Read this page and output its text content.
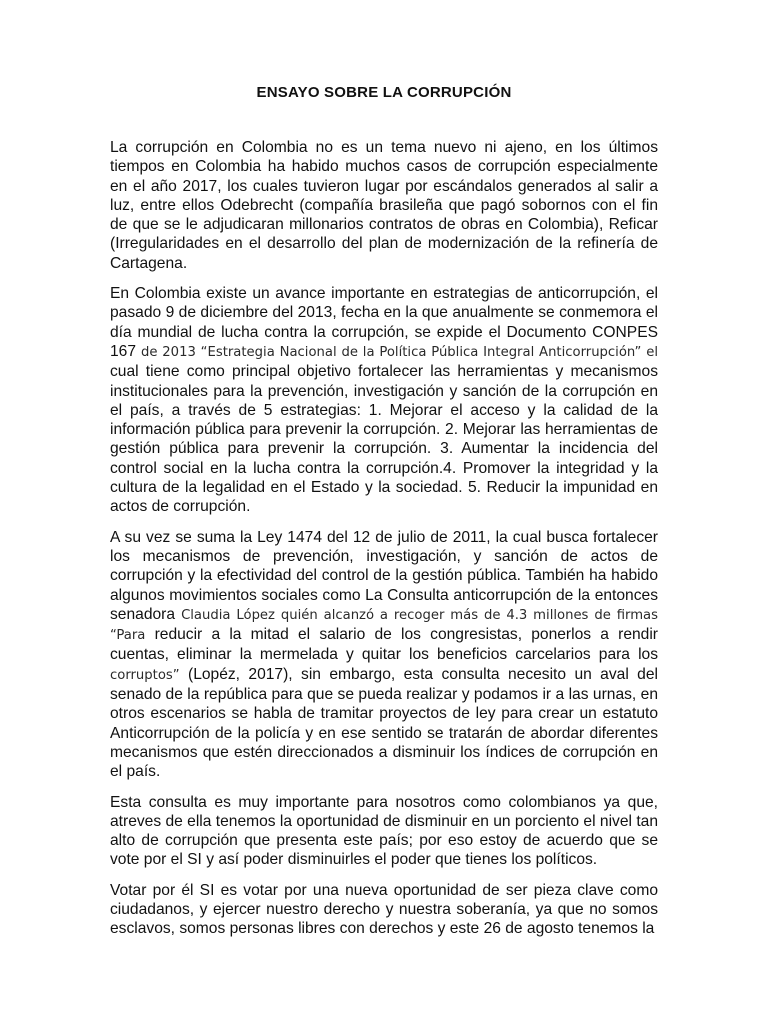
ENSAYO SOBRE LA CORRUPCIÓN

La corrupción en Colombia no es un tema nuevo ni ajeno, en los últimos tiempos en Colombia ha habido muchos casos de corrupción especialmente en el año 2017, los cuales tuvieron lugar por escándalos generados al salir a luz, entre ellos Odebrecht (compañía brasileña que pagó sobornos con el fin de que se le adjudicaran millonarios contratos de obras en Colombia), Reficar (Irregularidades en el desarrollo del plan de modernización de la refinería de Cartagena.

En Colombia existe un avance importante en estrategias de anticorrupción, el pasado 9 de diciembre del 2013, fecha en la que anualmente se conmemora el día mundial de lucha contra la corrupción, se expide el Documento CONPES 167 de 2013 “Estrategia Nacional de la Política Pública Integral Anticorrupción” el cual tiene como principal objetivo fortalecer las herramientas y mecanismos institucionales para la prevención, investigación y sanción de la corrupción en el país, a través de 5 estrategias: 1. Mejorar el acceso y la calidad de la información pública para prevenir la corrupción. 2. Mejorar las herramientas de gestión pública para prevenir la corrupción. 3. Aumentar la incidencia del control social en la lucha contra la corrupción.4. Promover la integridad y la cultura de la legalidad en el Estado y la sociedad. 5. Reducir la impunidad en actos de corrupción.

A su vez se suma la Ley 1474 del 12 de julio de 2011, la cual busca fortalecer los mecanismos de prevención, investigación, y sanción de actos de corrupción y la efectividad del control de la gestión pública. También ha habido algunos movimientos sociales como La Consulta anticorrupción de la entonces senadora Claudia López quién alcanzó a recoger más de 4.3 millones de firmas “Para reducir a la mitad el salario de los congresistas, ponerlos a rendir cuentas, eliminar la mermelada y quitar los beneficios carcelarios para los corruptos” (Lopéz, 2017), sin embargo, esta consulta necesito un aval del senado de la república para que se pueda realizar y podamos ir a las urnas, en otros escenarios se habla de tramitar proyectos de ley para crear un estatuto Anticorrupción de la policía y en ese sentido se tratarán de abordar diferentes mecanismos que estén direccionados a disminuir los índices de corrupción en el país.

Esta consulta es muy importante para nosotros como colombianos ya que, atreves de ella tenemos la oportunidad de disminuir en un porciento el nivel tan alto de corrupción que presenta este país; por eso estoy de acuerdo que se vote por el SI y así poder disminuirles el poder que tienes los políticos.

Votar por él SI es votar por una nueva oportunidad de ser pieza clave como ciudadanos, y ejercer nuestro derecho y nuestra soberanía, ya que no somos esclavos, somos personas libres con derechos y este 26 de agosto tenemos la
